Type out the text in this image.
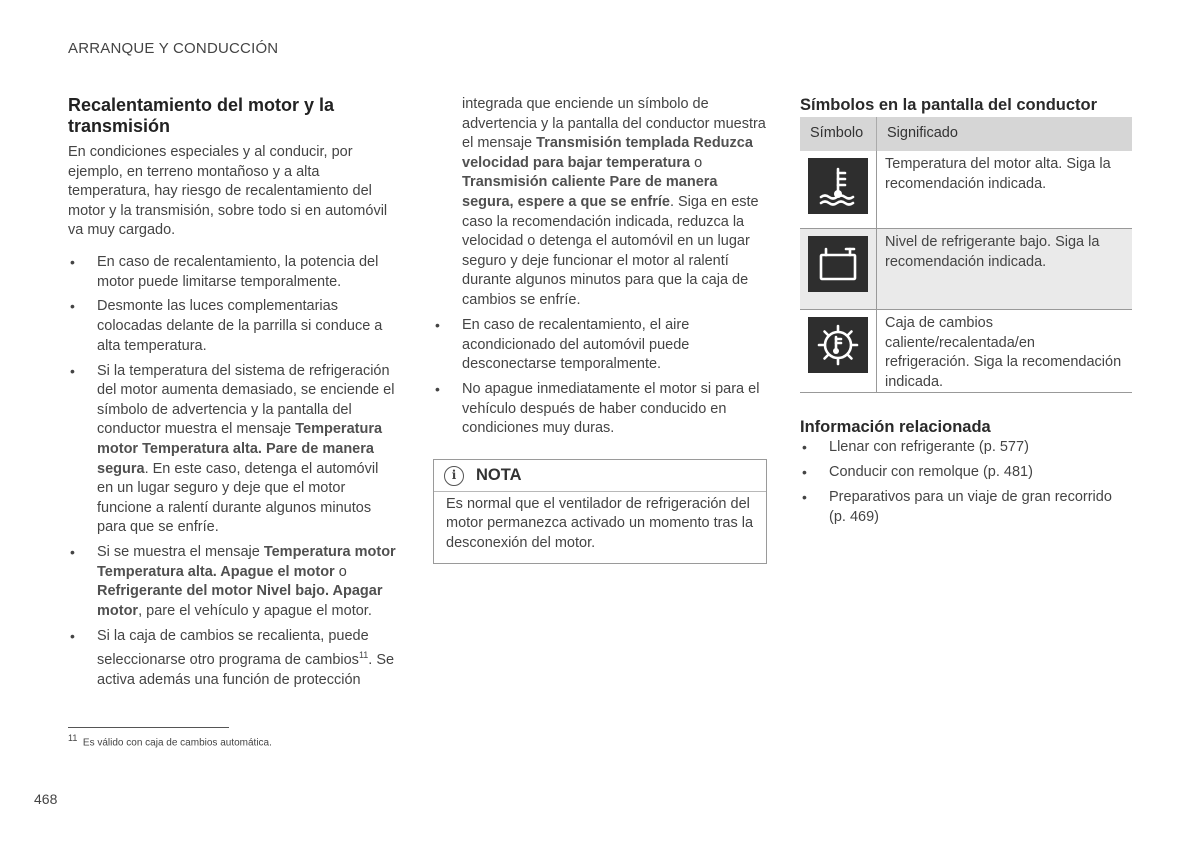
ARRANQUE Y CONDUCCIÓN
Recalentamiento del motor y la transmisión

En condiciones especiales y al conducir, por ejemplo, en terreno montañoso y a alta temperatura, hay riesgo de recalentamiento del motor y la transmisión, sobre todo si en automóvil va muy cargado.

• En caso de recalentamiento, la potencia del motor puede limitarse temporalmente.
• Desmonte las luces complementarias colocadas delante de la parrilla si conduce a alta temperatura.
• Si la temperatura del sistema de refrigeración del motor aumenta demasiado, se enciende el símbolo de advertencia y la pantalla del conductor muestra el mensaje Temperatura motor Temperatura alta. Pare de manera segura. En este caso, detenga el automóvil en un lugar seguro y deje que el motor funcione a ralentí durante algunos minutos para que se enfríe.
• Si se muestra el mensaje Temperatura motor Temperatura alta. Apague el motor o Refrigerante del motor Nivel bajo. Apagar motor, pare el vehículo y apague el motor.
• Si la caja de cambios se recalienta, puede seleccionarse otro programa de cambios$^{11}$. Se activa además una función de protección

integrada que enciende un símbolo de advertencia y la pantalla del conductor muestra el mensaje Transmisión templada Reduzca velocidad para bajar temperatura o Transmisión caliente Pare de manera segura, espere a que se enfríe. Siga en este caso la recomendación indicada, reduzca la velocidad o detenga el automóvil en un lugar seguro y deje funcionar el motor al ralentí durante algunos minutos para que la caja de cambios se enfríe.

• En caso de recalentamiento, el aire acondicionado del automóvil puede desconectarse temporalmente.
• No apague inmediatamente el motor si para el vehículo después de haber conducido en condiciones muy duras.
i	NOTA
Es normal que el ventilador de refrigeración del motor permanezca activado un momento tras la desconexión del motor.
Símbolos en la pantalla del conductor
Símbolo	Significado

	Temperatura del motor alta. Siga la recomendación indicada.

	Nivel de refrigerante bajo. Siga la recomendación indicada.

	Caja de cambios caliente/recalentada/en refrigeración. Siga la recomendación indicada.
Información relacionada
• Llenar con refrigerante (p. 577)
• Conducir con remolque (p. 481)
• Preparativos para un viaje de gran recorrido (p. 469)
$^{11}$ Es válido con caja de cambios automática.
468
